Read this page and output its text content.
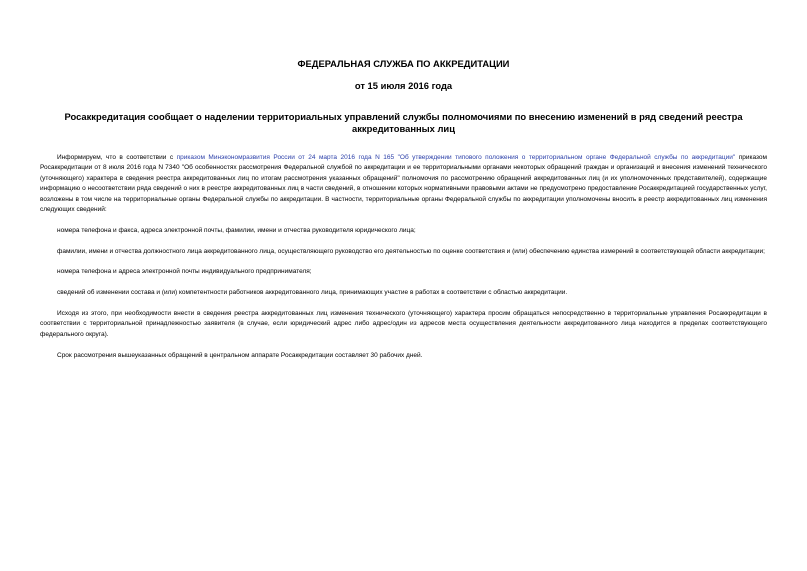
ФЕДЕРАЛЬНАЯ СЛУЖБА ПО АККРЕДИТАЦИИ
от 15 июля 2016 года
Росаккредитация сообщает о наделении территориальных управлений службы полномочиями по внесению изменений в ряд сведений реестра аккредитованных лиц

Информируем, что в соответствии с приказом Минэкономразвития России от 24 марта 2016 года N 165 "Об утверждении типового положения о территориальном органе Федеральной службы по аккредитации" приказом Росаккредитации от 8 июля 2016 года N 7340 "Об особенностях рассмотрения Федеральной службой по аккредитации и ее территориальными органами некоторых обращений граждан и организаций и внесения изменений технического (уточняющего) характера в сведения реестра аккредитованных лиц по итогам рассмотрения указанных обращений" полномочия по рассмотрению обращений аккредитованных лиц (и их уполномоченных представителей), содержащие информацию о несоответствии ряда сведений о них в реестре аккредитованных лиц в части сведений, в отношении которых нормативными правовыми актами не предусмотрено предоставление Росаккредитацией государственных услуг, возложены в том числе на территориальные органы Федеральной службы по аккредитации. В частности, территориальные органы Федеральной службы по аккредитации уполномочены вносить в реестр аккредитованных лиц изменения следующих сведений:

номера телефона и факса, адреса электронной почты, фамилии, имени и отчества руководителя юридического лица;

фамилии, имени и отчества должностного лица аккредитованного лица, осуществляющего руководство его деятельностью по оценке соответствия и (или) обеспечению единства измерений в соответствующей области аккредитации;

номера телефона и адреса электронной почты индивидуального предпринимателя;

сведений об изменении состава и (или) компетентности работников аккредитованного лица, принимающих участие в работах в соответствии с областью аккредитации.

Исходя из этого, при необходимости внести в сведения реестра аккредитованных лиц изменения технического (уточняющего) характера просим обращаться непосредственно в территориальные управления Росаккредитации в соответствии с территориальной принадлежностью заявителя (в случае, если юридический адрес либо адрес/один из адресов места осуществления деятельности аккредитованного лица находится в пределах соответствующего федерального округа).

Срок рассмотрения вышеуказанных обращений в центральном аппарате Росаккредитации составляет 30 рабочих дней.
